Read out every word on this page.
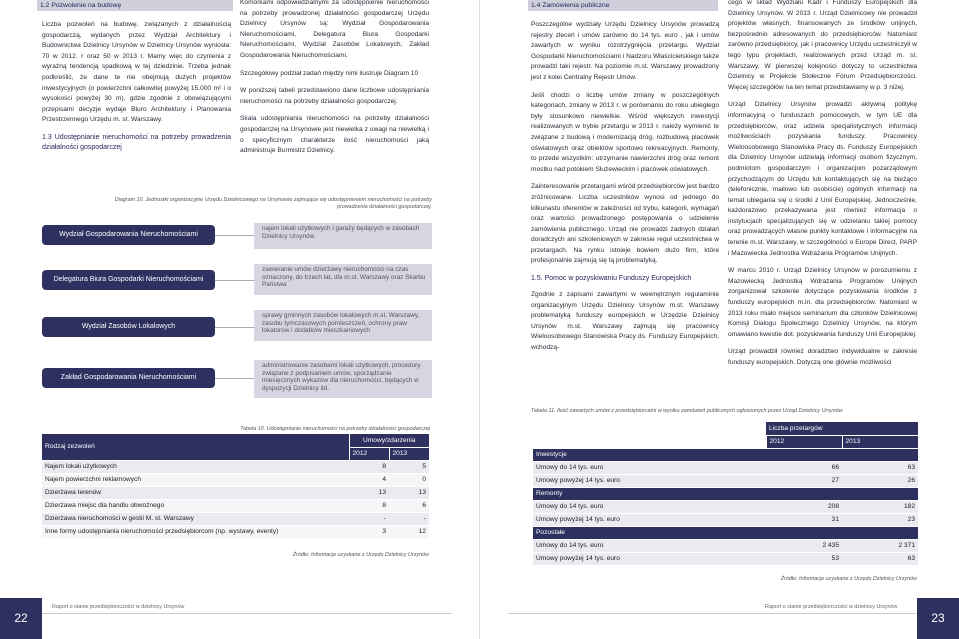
1.2 Pozwolenie na budowę

Liczba pozwoleń na budowę, związanych z działalnością gospodarczą, wydanych przez Wydział Architektury i Budownictwa Dzielnicy Ursynów w Dzielnicy Ursynów wyniosła: 70 w 2012. r oraz 50 w 2013 r. Mamy więc do czynienia z wyraźną tendencją spadkową w tej dziedzinie. Trzeba jednak podkreślić, że dane te nie obejmują dużych projektów inwestycyjnych (o powierzchni całkowitej powyżej 15.000 m² i o wysokości powyżej 30 m), gdzie zgodnie z obowiązującymi przepisami decyzje wydaje Biuro Architektury i Planowania Przestrzennego Urzędu m. st. Warszawy.

1.3 Udostępnianie nieruchomości na potrzeby prowadzenia działalności gospodarczej

Komórkami odpowiedzialnymi za udostępnienie nieruchomości na potrzeby prowadzonej działalności gospodarczej Urzędu Dzielnicy Ursynów są: Wydział Gospodarowania Nieruchomościami, Delegatura Biura Gospodarki Nieruchomościami, Wydział Zasobów Lokalowych, Zakład Gospodarowania Nieruchomościami.

Szczegółowy podział zadań między nimi ilustruje Diagram 10

W poniższej tabeli przedstawiono dane liczbowe udostępniania nieruchomości na potrzeby działalności gospodarczej.

Skala udostępniania nieruchomości na potrzeby działalności gospodarczej na Ursynowie jest niewielka z uwagi na niewielką i o specyficznym charakterze ilość nieruchomości jaką administruje Burmistrz Dzielnicy.

Diagram 10. Jednostki organizacyjne Urzędu Dzielnicowego na Ursynowie zajmujące się udostępnieniem nieruchomości na potrzeby prowadzenia działalności gospodarczej.
Wydział Gospodarowania Nieruchomościami
najem lokali użytkowych i garaży będących w zasobach Dzielnicy Ursynów
Delegatura Biura Gospodarki Nieruchomościami
zawieranie umów dzierżawy nieruchomości na czas oznaczony, do trzech lat, dla m.st. Warszawy oraz Skarbu Państwa
Wydział Zasobów Lokalowych
sprawy gminnych zasobów lokalowych m.st. Warszawy, zasobu tymczasowych pomieszczeń, ochrony praw lokatorów i dodatków mieszkaniowych
Zakład Gospodarowania Nieruchomościami
administrowanie zasobami lokali użytkowych, procedury związane z podpisaniem umów, sporządzanie miesięcznych wykazów dla nieruchomości, będących w dyspozycji Dzielnicy itd.
Tabela 10. Udostępnianie nieruchomości na potrzeby działalności gospodarczej
Rodzaj zezwoleń	Umowy/zdarzenia	
	2012	2013
Najem lokali użytkowych	8	5
Najem powierzchni reklamowych	4	0
Dzierżawa terenów	13	13
Dzierżawa miejsc dla handlu obwoźnego	8	6
Dzierżawa nieruchomości w gestii M. st. Warszawy	-	-
Inne formy udostępniania nieruchomości przedsiębiorcom (np. wystawy, eventy)	3	12
Źródło: Informacje uzyskane z Urzędu Dzielnicy Ursynów
22
Raport o stanie przedsiębiorczości w dzielnicy Ursynów
1.4 Zamówienia publiczne

Poszczególne wydziały Urzędu Dzielnicy Ursynów prowadzą rejestry zleceń i umów zarówno do 14 tys. euro , jak i umów zawartych w wyniku rozstrzygnięcia przetargu. Wydział Gospodarki Nieruchomościami i Nadzoru Właścicielskiego także prowadzi taki rejestr. Na poziomie m.st. Warszawy prowadzony jest z kolei Centralny Rejestr Umów.

Jeśli chodzi o liczbę umów zmiany w poszczególnych kategoriach, zmiany w 2013 r. w porównaniu do roku ubiegłego były stosunkowo niewielkie. Wśród większych inwestycji realizowanych w trybie przetargu w 2013 r. należy wymienić te związane z budową i modernizacją dróg, rozbudową placówek oświatowych oraz obiektów sportowo rekreacyjnych. Remonty, to przede wszystkim: utrzymanie nawierzchni dróg oraz remont mostku nad potokiem Służewieckim i placówek oświatowych.

Zainteresowanie przetargami wśród przedsiębiorców jest bardzo zróżnicowane. Liczba uczestników wynosi od jednego do kilkunastu oferentów w zależności od trybu, kategorii, wymagań oraz wartości prowadzonego postępowania o udzielenie zamówienia publicznego. Urząd nie prowadzi żadnych działań doradczych ani szkoleniowych w zakresie reguł uczestnictwa w przetargach. Na rynku istnieje bowiem dużo firm, które profesjonalnie zajmują się tą problematyką.

1.5. Pomoc w pozyskiwaniu Funduszy Europejskich

Zgodnie z zapisami zawartymi w wewnętrznym regulaminie organizacyjnym Urzędu Dzielnicy Ursynów m.st. Warszawy problematyką funduszy europejskich w Urzędzie Dzielnicy Ursynów m.st. Warszawy zajmują się pracownicy Wieloosobowego Stanowiska Pracy ds. Funduszy Europejskich, wchodzą-

cego w skład Wydziału Kadr i Funduszy Europejskich dla Dzielnicy Ursynów. W 2013 r. Urząd Dzielnicowy nie prowadził projektów własnych, finansowanych ze środków unijnych, bezpośrednio adresowanych do przedsiębiorców. Natomiast zarówno przedsiębiorcy, jak i pracownicy Urzędu uczestniczyli w tego typu projektach, realizowanych przez Urząd m. st. Warszawy. W pierwszej kolejności dotyczy to uczestnictwa Dzielnicy w Projekcie Stołeczne Forum Przedsiębiorczości. Więcej szczegółów na ten temat przedstawiamy w p. 3 niżej.

Urząd Dzielnicy Ursynów prowadzi aktywną politykę informacyjną o funduszach pomocowych, w tym UE dla przedsiębiorców, oraz udziela specjalistycznych informacji możliwościach pozyskania funduszy. Pracownicy Wieloosobowego Stanowiska Pracy ds. Funduszy Europejskich dla Dzielnicy Ursynów udzielają informacji osobom fizycznym, podmiotom gospodarczym i organizacjom pozarządowym przychodzącym do Urzędu lub kontaktujących się na bieżąco (telefonicznie, mailowo lub osobiście) ogólnych informacji na temat ubiegania się o środki z Unii Europejskiej. Jednocześnie, każdorazowo przekazywana jest również informacja o instytucjach specjalizujących się w udzielaniu takiej pomocy oraz prowadzących własne punkty kontaktowe i informacyjne na terenie m.st. Warszawy, w szczególności o Europe Direct, PARP i Mazowiecka Jednostka Wdrażania Programów Unijnych.

W marcu 2010 r. Urząd Dzielnicy Ursynów w porozumieniu z Mazowiecką Jednostką Wdrażania Programów Unijnych zorganizował szkolenie dotyczące pozyskiwania środków z funduszy europejskich m.in. dla przedsiębiorców. Natomiast w 2013 roku miało miejsce seminarium dla członków Dzielnicowej Komisji Dialogu Społecznego Dzielnicy Ursynów, na którym omawiano kwestie dot. pozyskiwania funduszy Unii Europejskiej.

Urząd prowadził również doradztwo indywidualne w zakresie funduszy europejskich. Dotyczą one głównie możliwości

Tabela 11. Ilość zawartych umów z przedsiębiorcami w wyniku zamówień publicznych ogłoszonych przez Urząd Dzielnicy Ursynów
	Liczba przetargów	
	2012	2013
Inwestycje		
Umowy do 14 tys. euro	66	63
Umowy powyżej 14 tys. euro	27	26
Remonty		
Umowy do 14 tys. euro	208	182
Umowy powyżej 14 tys. euro	31	23
Pozostałe		
Umowy do 14 tys. euro	2 435	2 371
Umowy powyżej 14 tys. euro	53	63
Źródło: Informacje uzyskane z Urzędu Dzielnicy Ursynów
Raport o stanie przedsiębiorczości w dzielnicy Ursynów
23
